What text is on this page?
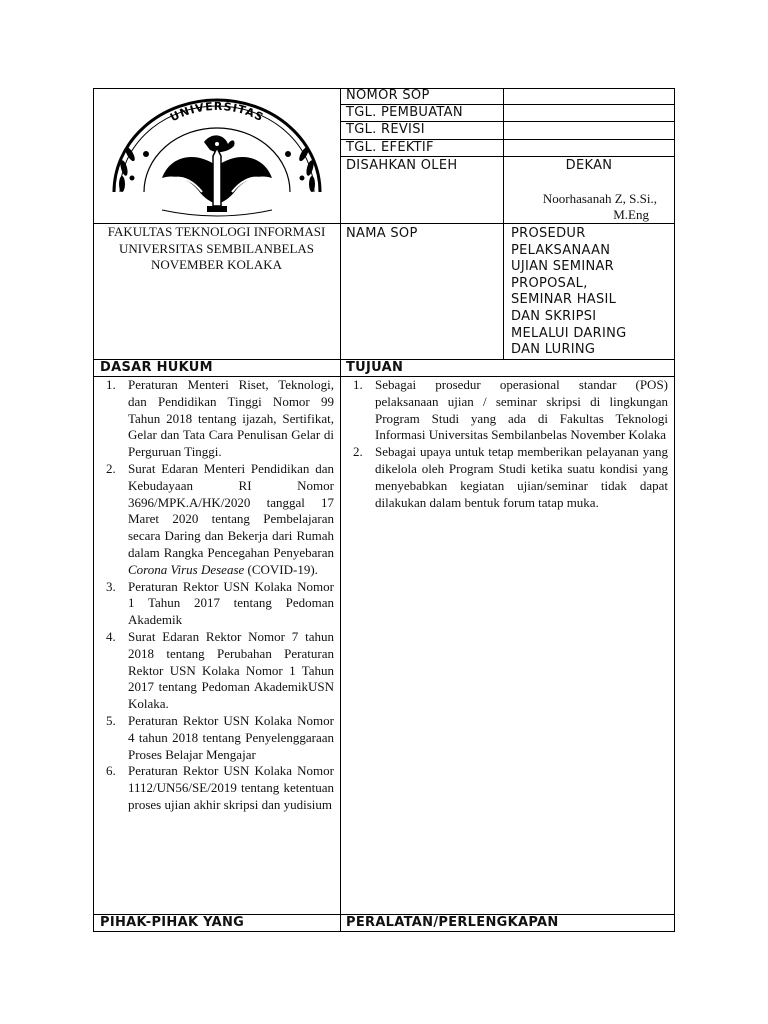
UNIVERSITAS
FAKULTAS TEKNOLOGI INFORMASI
UNIVERSITAS SEMBILANBELAS
NOVEMBER KOLAKA
NOMOR SOP
TGL. PEMBUATAN
TGL. REVISI
TGL. EFEKTIF
DISAHKAN OLEH	DEKAN
Noorhasanah Z, S.Si.,
M.Eng
NAMA SOP	PROSEDUR
PELAKSANAAN
UJIAN SEMINAR
PROPOSAL,
SEMINAR HASIL
DAN SKRIPSI
MELALUI DARING
DAN LURING
DASAR HUKUM	TUJUAN
1. Peraturan Menteri Riset, Teknologi, dan Pendidikan Tinggi Nomor 99 Tahun 2018 tentang ijazah, Sertifikat, Gelar dan Tata Cara Penulisan Gelar di Perguruan Tinggi.
2. Surat Edaran Menteri Pendidikan dan Kebudayaan RI Nomor 3696/MPK.A/HK/2020 tanggal 17 Maret 2020 tentang Pembelajaran secara Daring dan Bekerja dari Rumah dalam Rangka Pencegahan Penyebaran Corona Virus Desease (COVID-19).
3. Peraturan Rektor USN Kolaka Nomor 1 Tahun 2017 tentang Pedoman Akademik
4. Surat Edaran Rektor Nomor 7 tahun 2018 tentang Perubahan Peraturan Rektor USN Kolaka Nomor 1 Tahun 2017 tentang Pedoman AkademikUSN Kolaka.
5. Peraturan Rektor USN Kolaka Nomor 4 tahun 2018 tentang Penyelenggaraan Proses Belajar Mengajar
6. Peraturan Rektor USN Kolaka Nomor 1112/UN56/SE/2019 tentang ketentuan proses ujian akhir skripsi dan yudisium
1. Sebagai prosedur operasional standar (POS) pelaksanaan ujian / seminar skripsi di lingkungan Program Studi yang ada di Fakultas Teknologi Informasi Universitas Sembilanbelas November Kolaka
2. Sebagai upaya untuk tetap memberikan pelayanan yang dikelola oleh Program Studi ketika suatu kondisi yang menyebabkan kegiatan ujian/seminar tidak dapat dilakukan dalam bentuk forum tatap muka.
PIHAK-PIHAK YANG	PERALATAN/PERLENGKAPAN
